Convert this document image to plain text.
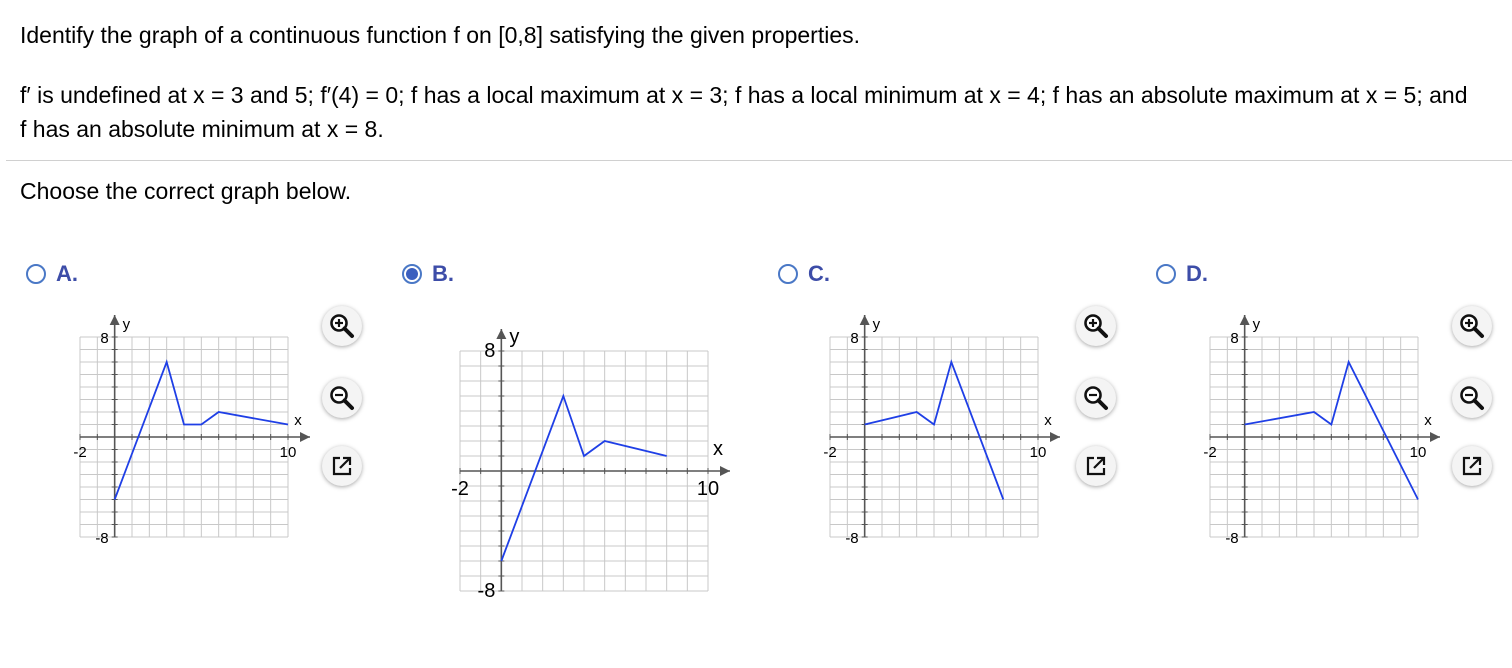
Identify the graph of a continuous function f on [0,8] satisfying the given properties.

f′ is undefined at x = 3 and 5; f′(4) = 0; f has a local maximum at x = 3; f has a local minimum at x = 4; f has an absolute maximum at x = 5; and f has an absolute minimum at x = 8.

Choose the correct graph below.

A.	B.	C.	D.
y
x
8
-8
-2	10
y
x
8
-8
-2	10
y
x
8
-8
-2	10
y
x
8
-8
-2	10
